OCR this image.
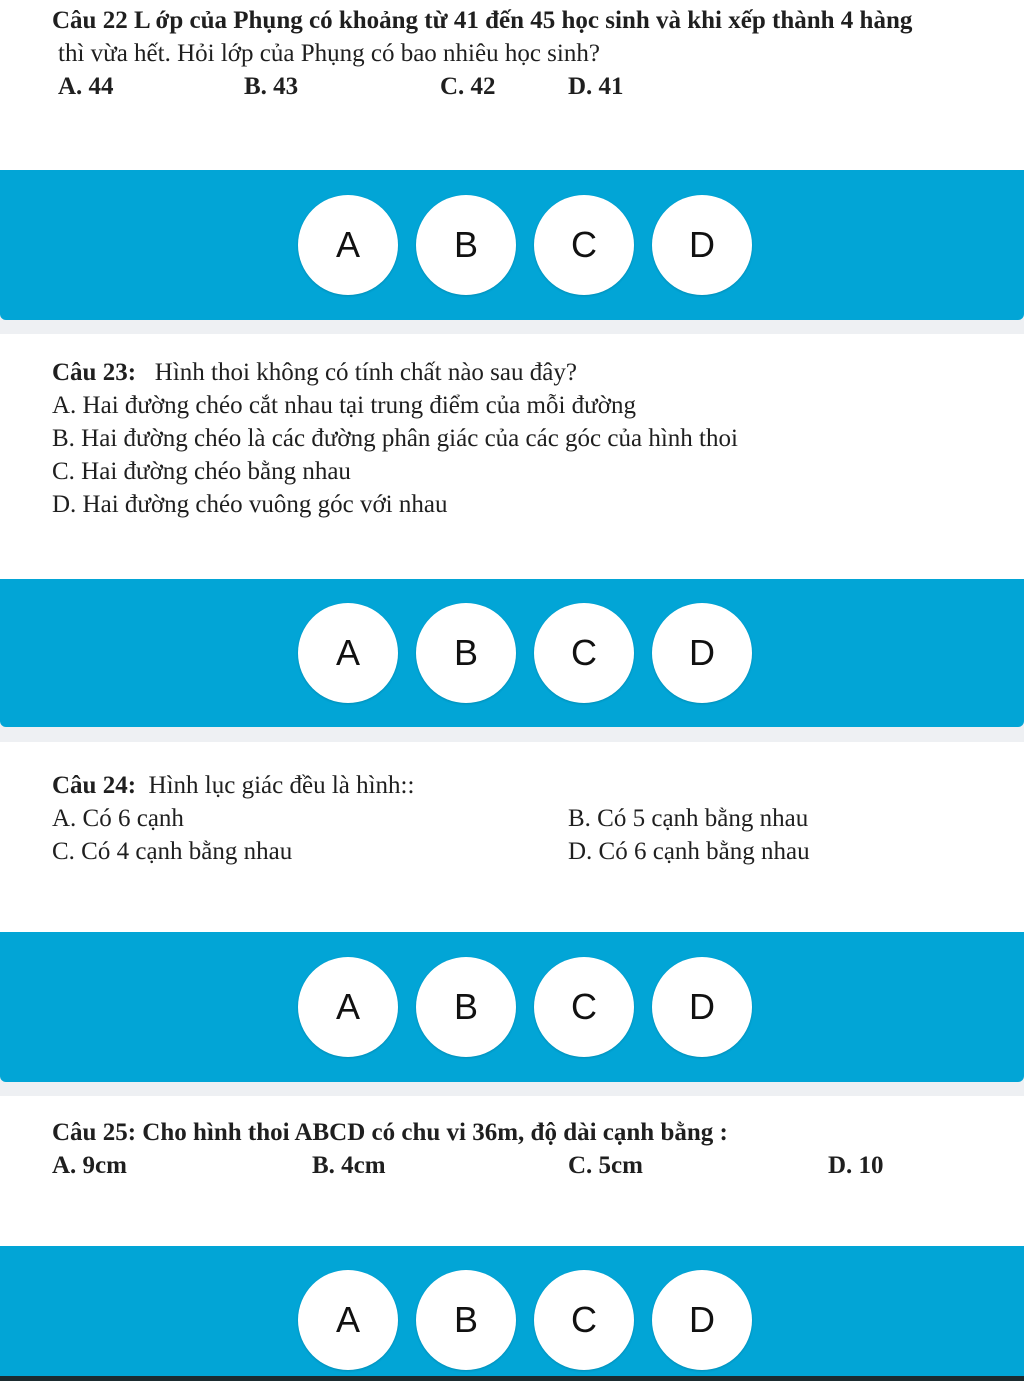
Câu 22 L ớp của Phụng có khoảng từ 41 đến 45 học sinh và khi xếp thành 4 hàng
thì vừa hết. Hỏi lớp của Phụng có bao nhiêu học sinh?
A. 44	B. 43	C. 42	D. 41
A	B	C	D
Câu 23: Hình thoi không có tính chất nào sau đây?
A. Hai đường chéo cắt nhau tại trung điểm của mỗi đường
B. Hai đường chéo là các đường phân giác của các góc của hình thoi
C. Hai đường chéo bằng nhau
D. Hai đường chéo vuông góc với nhau
A	B	C	D
Câu 24: Hình lục giác đều là hình::
A. Có 6 cạnh	B. Có 5 cạnh bằng nhau
C. Có 4 cạnh bằng nhau	D. Có 6 cạnh bằng nhau
A	B	C	D
Câu 25: Cho hình thoi ABCD có chu vi 36m, độ dài cạnh bằng :
A. 9cm	B. 4cm	C. 5cm	D. 10
A	B	C	D
